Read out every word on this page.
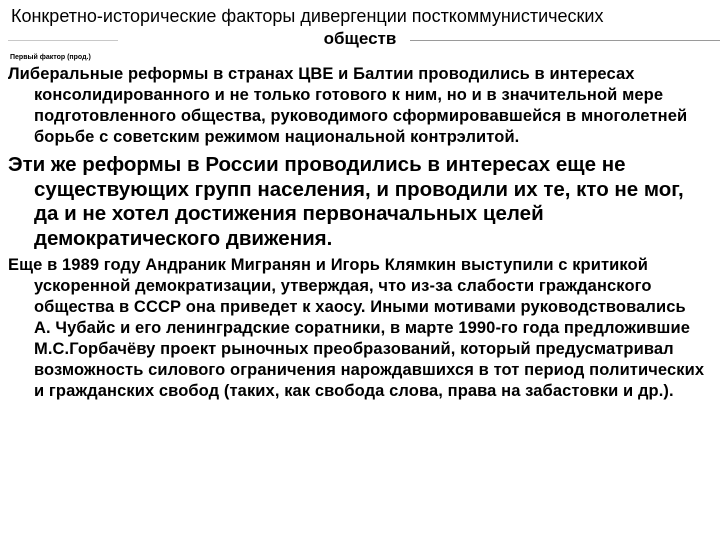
Конкретно-исторические факторы дивергенции посткоммунистических
обществ
Первый фактор (прод.)

Либеральные реформы в странах ЦВЕ и Балтии проводились в интересах консолидированного и не только готового к ним, но и в значительной мере подготовленного общества, руководимого сформировавшейся в многолетней борьбе с советским режимом национальной контрэлитой.

Эти же реформы в России проводились в интересах еще не существующих групп населения, и проводили их те, кто не мог, да и не хотел достижения первоначальных целей демократического движения.

Еще в 1989 году Андраник Мигранян и Игорь Клямкин выступили с критикой ускоренной демократизации, утверждая, что из-за слабости гражданского общества в СССР она приведет к хаосу. Иными мотивами руководствовались А. Чубайс и его ленинградские соратники, в марте 1990-го года предложившие М.С.Горбачёву проект рыночных преобразований, который предусматривал возможность силового ограничения нарождавшихся в тот период политических и гражданских свобод (таких, как свобода слова, права на забастовки и др.).
